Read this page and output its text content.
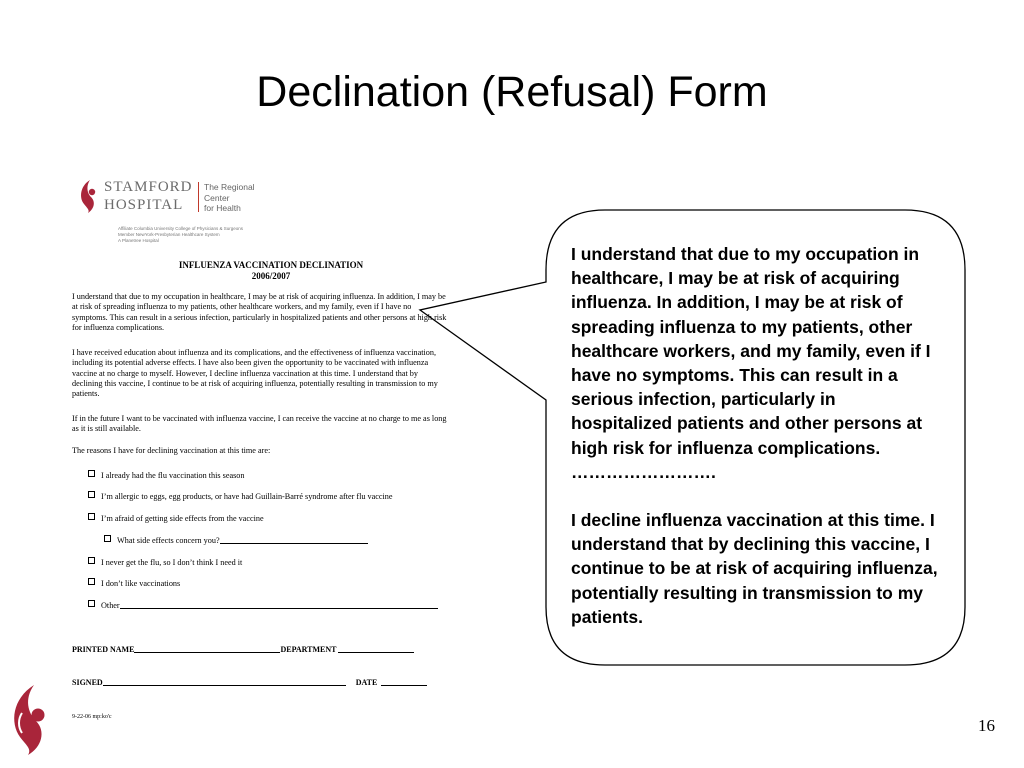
Declination (Refusal) Form
STAMFORD
HOSPITAL
The Regional
Center
for Health
Affiliate Columbia University College of Physicians & Surgeons
Member NewYork-Presbyterian Healthcare System
A Planetree Hospital
INFLUENZA VACCINATION DECLINATION
2006/2007
I understand that due to my occupation in healthcare, I may be at risk of acquiring influenza. In addition, I may be at risk of spreading influenza to my patients, other healthcare workers, and my family, even if I have no symptoms. This can result in a serious infection, particularly in hospitalized patients and other persons at high risk for influenza complications.
I have received education about influenza and its complications, and the effectiveness of influenza vaccination, including its potential adverse effects. I have also been given the opportunity to be vaccinated with influenza vaccine at no charge to myself. However, I decline influenza vaccination at this time. I understand that by declining this vaccine, I continue to be at risk of acquiring influenza, potentially resulting in transmission to my patients.
If in the future I want to be vaccinated with influenza vaccine, I can receive the vaccine at no charge to me as long as it is still available.
The reasons I have for declining vaccination at this time are:
I already had the flu vaccination this season
I’m allergic to eggs, egg products, or have had Guillain-Barré syndrome after flu vaccine
I’m afraid of getting side effects from the vaccine
What side effects concern you?
I never get the flu, so I don’t think I need it
I don’t like vaccinations
Other
PRINTED NAME	DEPARTMENT
SIGNED	DATE
9-22-06 mp:ko'c

I understand that due to my occupation in healthcare, I may be at risk of acquiring influenza. In addition, I may be at risk of spreading influenza to my patients, other healthcare workers, and my family, even if I have no symptoms. This can result in a serious infection, particularly in hospitalized patients and other persons at high risk for influenza complications.

…………………….

I decline influenza vaccination at this time. I understand that by declining this vaccine, I continue to be at risk of acquiring influenza, potentially resulting in transmission to my patients.

16
